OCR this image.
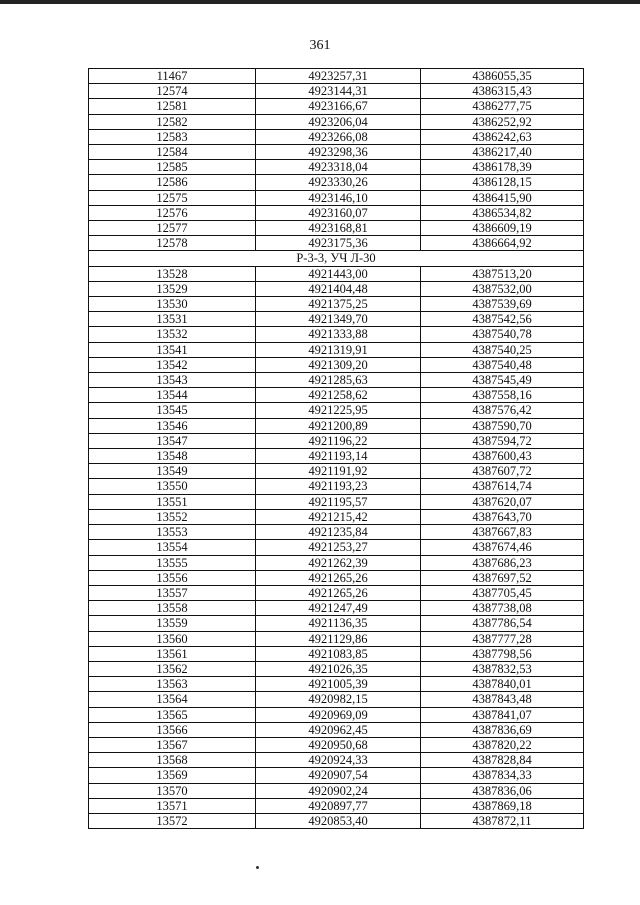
361
11467	4923257,31	4386055,35
12574	4923144,31	4386315,43
12581	4923166,67	4386277,75
12582	4923206,04	4386252,92
12583	4923266,08	4386242,63
12584	4923298,36	4386217,40
12585	4923318,04	4386178,39
12586	4923330,26	4386128,15
12575	4923146,10	4386415,90
12576	4923160,07	4386534,82
12577	4923168,81	4386609,19
12578	4923175,36	4386664,92
Р-3-3, УЧ Л-30		
13528	4921443,00	4387513,20
13529	4921404,48	4387532,00
13530	4921375,25	4387539,69
13531	4921349,70	4387542,56
13532	4921333,88	4387540,78
13541	4921319,91	4387540,25
13542	4921309,20	4387540,48
13543	4921285,63	4387545,49
13544	4921258,62	4387558,16
13545	4921225,95	4387576,42
13546	4921200,89	4387590,70
13547	4921196,22	4387594,72
13548	4921193,14	4387600,43
13549	4921191,92	4387607,72
13550	4921193,23	4387614,74
13551	4921195,57	4387620,07
13552	4921215,42	4387643,70
13553	4921235,84	4387667,83
13554	4921253,27	4387674,46
13555	4921262,39	4387686,23
13556	4921265,26	4387697,52
13557	4921265,26	4387705,45
13558	4921247,49	4387738,08
13559	4921136,35	4387786,54
13560	4921129,86	4387777,28
13561	4921083,85	4387798,56
13562	4921026,35	4387832,53
13563	4921005,39	4387840,01
13564	4920982,15	4387843,48
13565	4920969,09	4387841,07
13566	4920962,45	4387836,69
13567	4920950,68	4387820,22
13568	4920924,33	4387828,84
13569	4920907,54	4387834,33
13570	4920902,24	4387836,06
13571	4920897,77	4387869,18
13572	4920853,40	4387872,11
